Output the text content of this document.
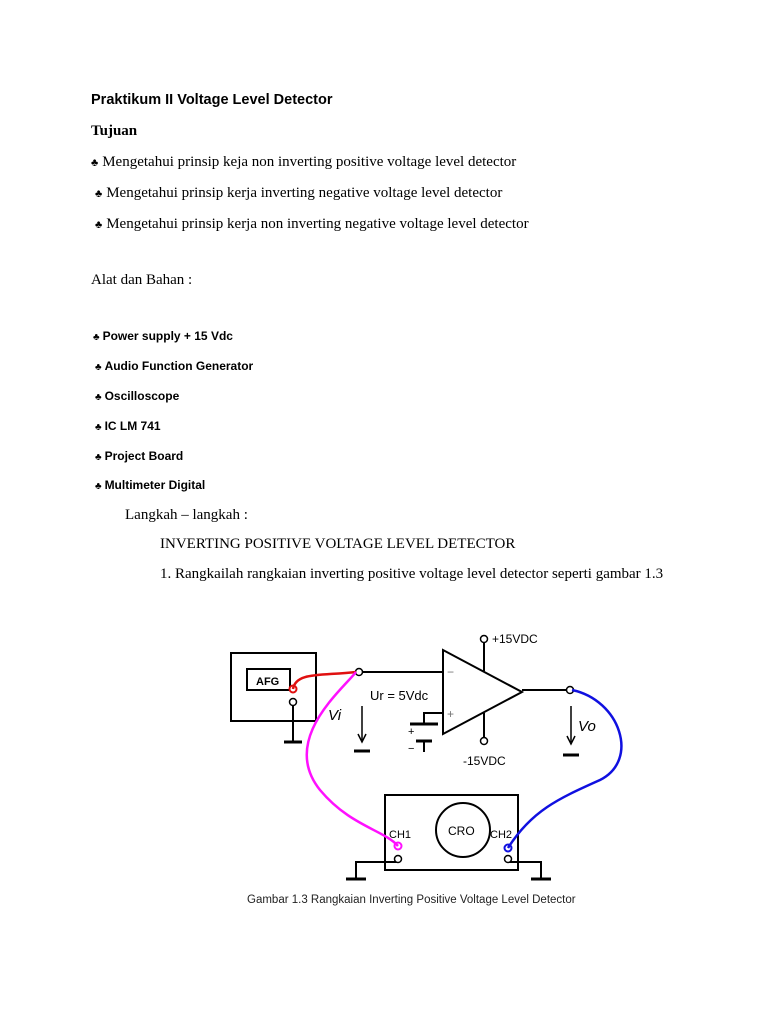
Praktikum II Voltage Level Detector
Tujuan
♣ Mengetahui prinsip keja non inverting positive voltage level detector
♣ Mengetahui prinsip kerja inverting negative voltage level detector
♣ Mengetahui prinsip kerja non inverting negative voltage level detector
Alat dan Bahan :
♣ Power supply + 15 Vdc
♣ Audio Function Generator
♣ Oscilloscope
♣ IC LM 741
♣ Project Board
♣ Multimeter Digital
Langkah – langkah :
INVERTING POSITIVE VOLTAGE LEVEL DETECTOR
1. Rangkailah rangkaian inverting positive voltage level detector seperti gambar 1.3
AFG
CRO
CH1	CH2
+15VDC
-15VDC
Ur = 5Vdc
Vi
Vo
−
+
+
−
Gambar 1.3 Rangkaian Inverting Positive Voltage Level Detector
